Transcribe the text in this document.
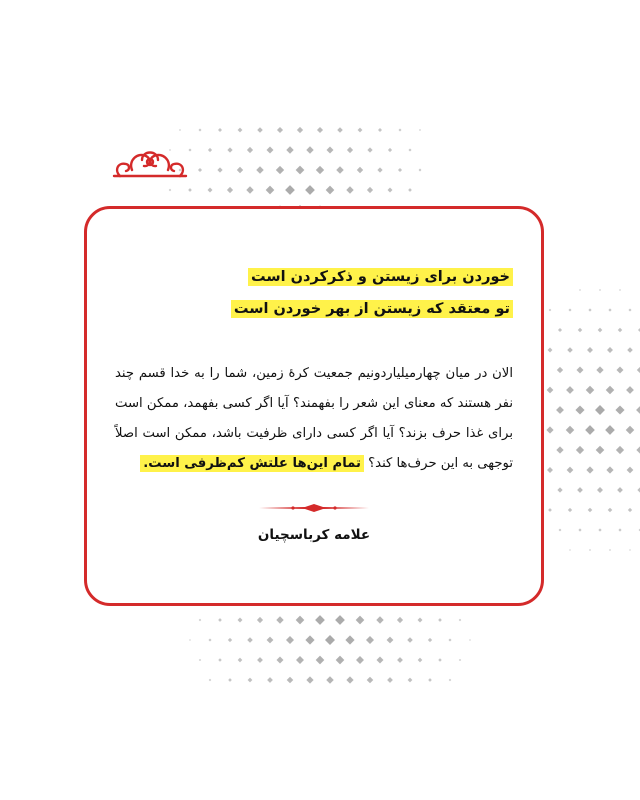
خوردن برای زیستن و ذکرکردن است
تو معتقد که زیستن از بهر خوردن است

الان در میان چهارمیلیاردونیم جمعیت کرهٔ زمین، شما را به خدا قسم چند نفر هستند که معنای این شعر را بفهمند؟ آیا اگر کسی بفهمد، ممکن است برای غذا حرف بزند؟ آیا اگر کسی دارای ظرفیت باشد، ممکن است اصلاً توجهی به این حرف‌ها کند؟ تمام این‌ها علتش کم‌ظرفی است.

علامه کرباسچیان
